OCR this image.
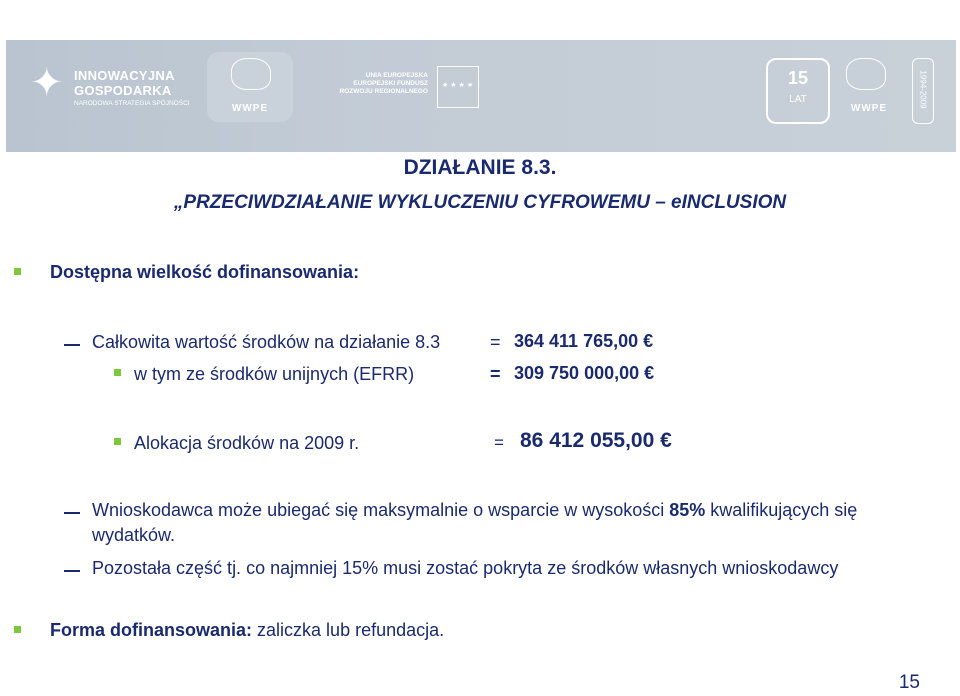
✦ INNOWACYJNA
GOSPODARKA
NARODOWA STRATEGIA SPÓJNOŚCI	WWPE
UNIA EUROPEJSKA
EUROPEJSKI FUNDUSZ
ROZWOJU REGIONALNEGO
★★★★	15
LAT
WWPE	1994-2009
DZIAŁANIE 8.3.
„PRZECIWDZIAŁANIE WYKLUCZENIU CYFROWEMU – eINCLUSION
Dostępna wielkość dofinansowania:
Całkowita wartość środków na działanie 8.3	= 364 411 765,00 €
w tym ze środków unijnych (EFRR)	= 309 750 000,00 €
Alokacja środków na 2009 r.	= 86 412 055,00 €
Wnioskodawca może ubiegać się maksymalnie o wsparcie w wysokości 85% kwalifikujących się
wydatków.
Pozostała część tj. co najmniej 15% musi zostać pokryta ze środków własnych wnioskodawcy
Forma dofinansowania: zaliczka lub refundacja.
15
